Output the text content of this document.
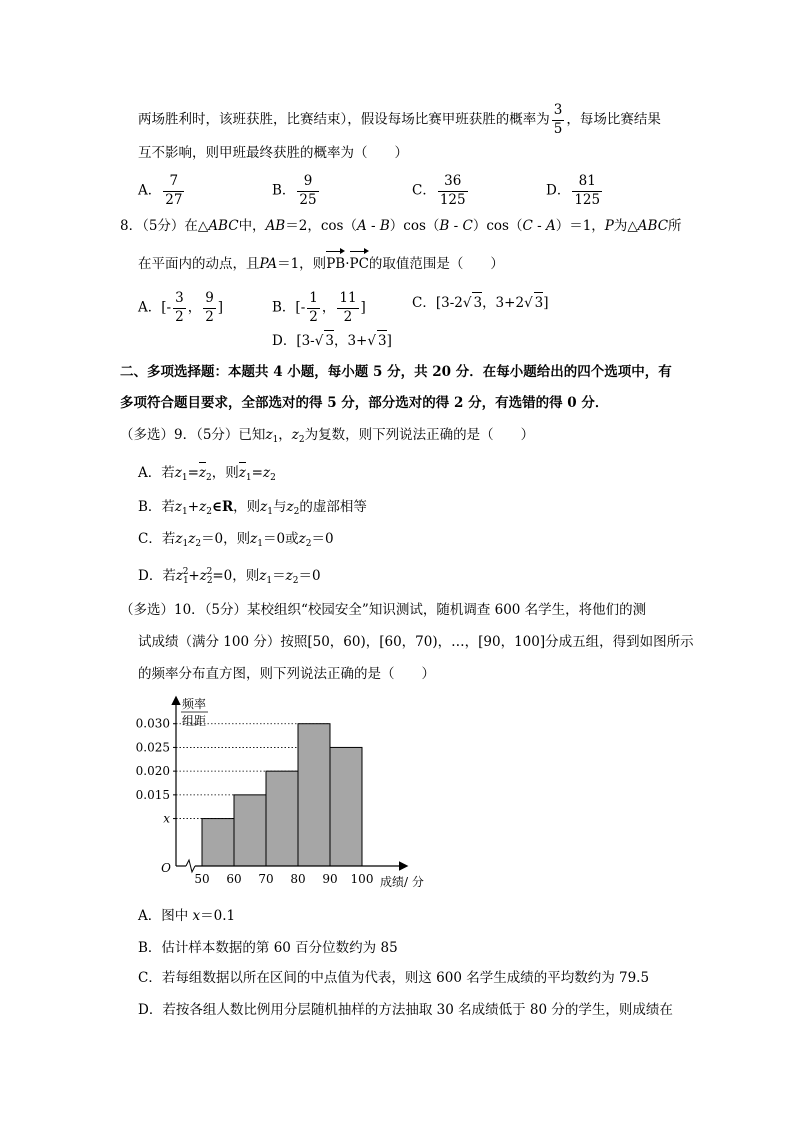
两场胜利时，该班获胜，比赛结束），假设每场比赛甲班获胜的概率为 $\frac{3}{5}$ ，每场比赛结果
互不影响，则甲班最终获胜的概率为（　　）
A． $\frac{7}{27}$	B． $\frac{9}{25}$	C． $\frac{36}{125}$	D． $\frac{81}{125}$
8．（5分）在△ABC中，AB＝2，cos（A - B）cos（B - C）cos（C - A）＝1，P为△ABC所
在平面内的动点，且PA＝1，则PB·PC的取值范围是（　　）
A．[- $\frac{3}{2}$ ， $\frac{9}{2}$ ]	B．[- $\frac{1}{2}$ ， $\frac{11}{2}$ ]	C．[3-2√ 3，3+2√ 3]
D．[3-√ 3，3+√ 3]
二、多项选择题：本题共 4 小题，每小题 5 分，共 20 分．在每小题给出的四个选项中，有
多项符合题目要求，全部选对的得 5 分，部分选对的得 2 分，有选错的得 0 分．
（多选）9．（5分）已知$z_1$，$z_2$为复数，则下列说法正确的是（　　）
A．若$z_1=z_2$，则$z_1=z_2$
B．若$z_1+z_2\in R$，则$z_1$与$z_2$的虚部相等
C．若$z_1z_2=0$，则$z_1=0$或$z_2=0$
D．若$z_1^2+z_2^2=0$，则$z_1=z_2=0$
（多选）10．（5分）某校组织“校园安全”知识测试，随机调查 600 名学生，将他们的测
试成绩（满分 100 分）按照[50，60)，[60，70)，…，[90，100]分成五组，得到如图所示
的频率分布直方图，则下列说法正确的是（　　）
x
0.015
0.020
0.025
0.030
50 60 70 80 90 100
O
频率
组距
成绩/ 分
A．图中 x＝0.1
B．估计样本数据的第 60 百分位数约为 85
C．若每组数据以所在区间的中点值为代表，则这 600 名学生成绩的平均数约为 79.5
D．若按各组人数比例用分层随机抽样的方法抽取 30 名成绩低于 80 分的学生，则成绩在
